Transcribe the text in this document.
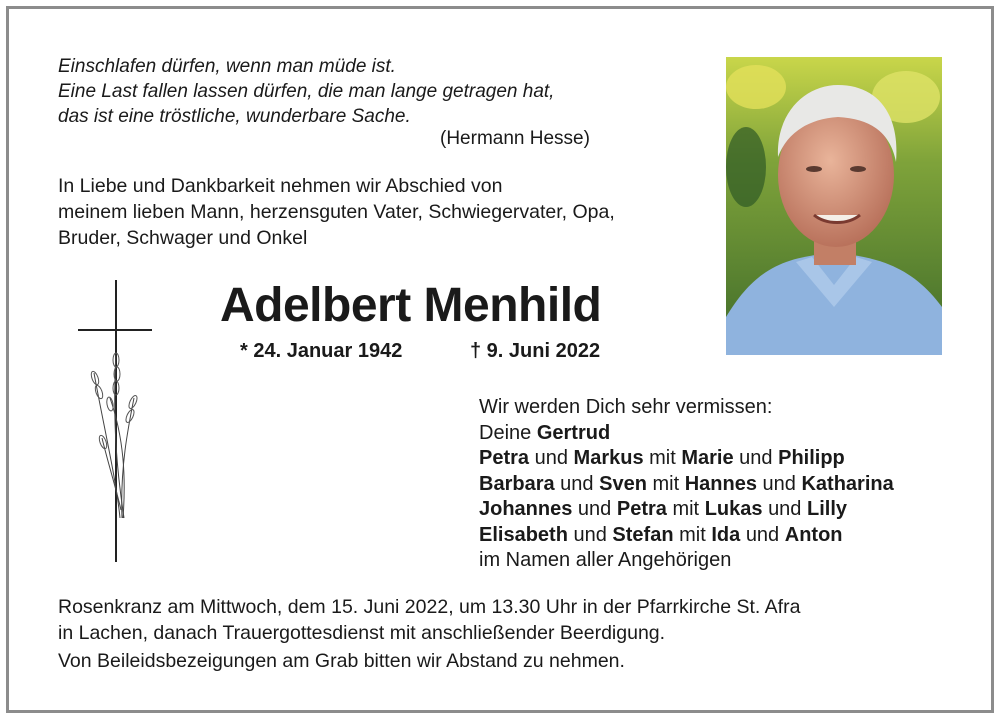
Einschlafen dürfen, wenn man müde ist.
Eine Last fallen lassen dürfen, die man lange getragen hat,
das ist eine tröstliche, wunderbare Sache.
(Hermann Hesse)
In Liebe und Dankbarkeit nehmen wir Abschied von
meinem lieben Mann, herzensguten Vater, Schwiegervater, Opa,
Bruder, Schwager und Onkel
Adelbert Menhild
* 24. Januar 1942	† 9. Juni 2022
Wir werden Dich sehr vermissen:
Deine Gertrud
Petra und Markus mit Marie und Philipp
Barbara und Sven mit Hannes und Katharina
Johannes und Petra mit Lukas und Lilly
Elisabeth und Stefan mit Ida und Anton
im Namen aller Angehörigen
Rosenkranz am Mittwoch, dem 15. Juni 2022, um 13.30 Uhr in der Pfarrkirche St. Afra
in Lachen, danach Trauergottesdienst mit anschließender Beerdigung.
Von Beileidsbezeigungen am Grab bitten wir Abstand zu nehmen.
